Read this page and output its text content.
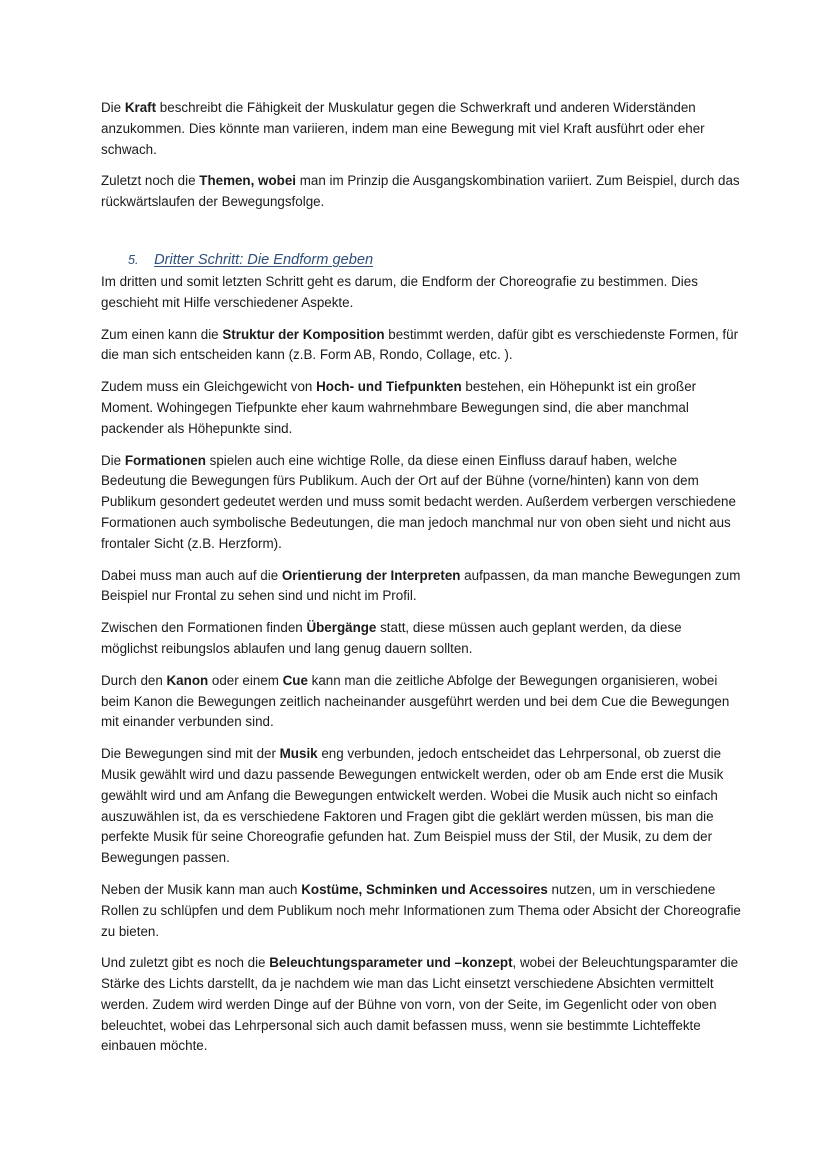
Die Kraft beschreibt die Fähigkeit der Muskulatur gegen die Schwerkraft und anderen Widerständen anzukommen. Dies könnte man variieren, indem man eine Bewegung mit viel Kraft ausführt oder eher schwach.

Zuletzt noch die Themen, wobei man im Prinzip die Ausgangskombination variiert. Zum Beispiel, durch das rückwärtslaufen der Bewegungsfolge.

5. Dritter Schritt: Die Endform geben

Im dritten und somit letzten Schritt geht es darum, die Endform der Choreografie zu bestimmen. Dies geschieht mit Hilfe verschiedener Aspekte.

Zum einen kann die Struktur der Komposition bestimmt werden, dafür gibt es verschiedenste Formen, für die man sich entscheiden kann (z.B. Form AB, Rondo, Collage, etc. ).

Zudem muss ein Gleichgewicht von Hoch- und Tiefpunkten bestehen, ein Höhepunkt ist ein großer Moment. Wohingegen Tiefpunkte eher kaum wahrnehmbare Bewegungen sind, die aber manchmal packender als Höhepunkte sind.

Die Formationen spielen auch eine wichtige Rolle, da diese einen Einfluss darauf haben, welche Bedeutung die Bewegungen fürs Publikum. Auch der Ort auf der Bühne (vorne/hinten) kann von dem Publikum gesondert gedeutet werden und muss somit bedacht werden. Außerdem verbergen verschiedene Formationen auch symbolische Bedeutungen, die man jedoch manchmal nur von oben sieht und nicht aus frontaler Sicht (z.B. Herzform).

Dabei muss man auch auf die Orientierung der Interpreten aufpassen, da man manche Bewegungen zum Beispiel nur Frontal zu sehen sind und nicht im Profil.

Zwischen den Formationen finden Übergänge statt, diese müssen auch geplant werden, da diese möglichst reibungslos ablaufen und lang genug dauern sollten.

Durch den Kanon oder einem Cue kann man die zeitliche Abfolge der Bewegungen organisieren, wobei beim Kanon die Bewegungen zeitlich nacheinander ausgeführt werden und bei dem Cue die Bewegungen mit einander verbunden sind.

Die Bewegungen sind mit der Musik eng verbunden, jedoch entscheidet das Lehrpersonal, ob zuerst die Musik gewählt wird und dazu passende Bewegungen entwickelt werden, oder ob am Ende erst die Musik gewählt wird und am Anfang die Bewegungen entwickelt werden. Wobei die Musik auch nicht so einfach auszuwählen ist, da es verschiedene Faktoren und Fragen gibt die geklärt werden müssen, bis man die perfekte Musik für seine Choreografie gefunden hat. Zum Beispiel muss der Stil, der Musik, zu dem der Bewegungen passen.

Neben der Musik kann man auch Kostüme, Schminken und Accessoires nutzen, um in verschiedene Rollen zu schlüpfen und dem Publikum noch mehr Informationen zum Thema oder Absicht der Choreografie zu bieten.

Und zuletzt gibt es noch die Beleuchtungsparameter und –konzept, wobei der Beleuchtungsparamter die Stärke des Lichts darstellt, da je nachdem wie man das Licht einsetzt verschiedene Absichten vermittelt werden. Zudem wird werden Dinge auf der Bühne von vorn, von der Seite, im Gegenlicht oder von oben beleuchtet, wobei das Lehrpersonal sich auch damit befassen muss, wenn sie bestimmte Lichteffekte einbauen möchte.
